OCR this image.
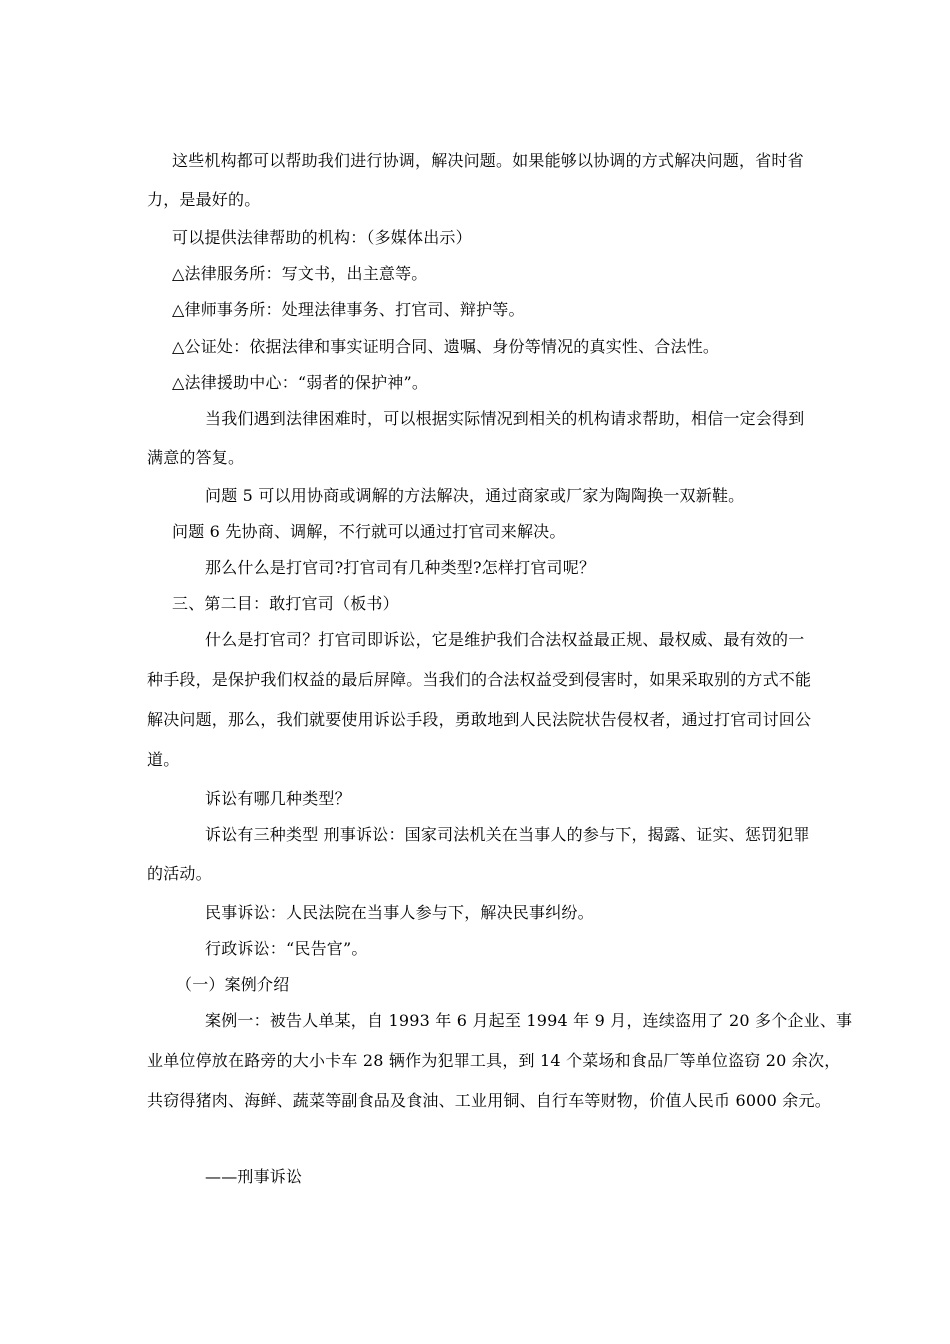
这些机构都可以帮助我们进行协调，解决问题。如果能够以协调的方式解决问题，省时省
力，是最好的。
可以提供法律帮助的机构：（多媒体出示）
△法律服务所：写文书，出主意等。
△律师事务所：处理法律事务、打官司、辩护等。
△公证处：依据法律和事实证明合同、遗嘱、身份等情况的真实性、合法性。
△法律援助中心：“弱者的保护神”。
当我们遇到法律困难时，可以根据实际情况到相关的机构请求帮助，相信一定会得到
满意的答复。
问题 5 可以用协商或调解的方法解决，通过商家或厂家为陶陶换一双新鞋。
问题 6 先协商、调解，不行就可以通过打官司来解决。
那么什么是打官司?打官司有几种类型?怎样打官司呢？
三、第二目：敢打官司（板书）
什么是打官司？打官司即诉讼，它是维护我们合法权益最正规、最权威、最有效的一
种手段，是保护我们权益的最后屏障。当我们的合法权益受到侵害时，如果采取别的方式不能
解决问题，那么，我们就要使用诉讼手段，勇敢地到人民法院状告侵权者，通过打官司讨回公
道。
诉讼有哪几种类型？
诉讼有三种类型 刑事诉讼：国家司法机关在当事人的参与下，揭露、证实、惩罚犯罪
的活动。
民事诉讼：人民法院在当事人参与下，解决民事纠纷。
行政诉讼：“民告官”。
（一）案例介绍
案例一：被告人单某，自 1993 年 6 月起至 1994 年 9 月，连续盗用了 20 多个企业、事
业单位停放在路旁的大小卡车 28 辆作为犯罪工具，到 14 个菜场和食品厂等单位盗窃 20 余次，
共窃得猪肉、海鲜、蔬菜等副食品及食油、工业用铜、自行车等财物，价值人民币 6000 余元。
——刑事诉讼
